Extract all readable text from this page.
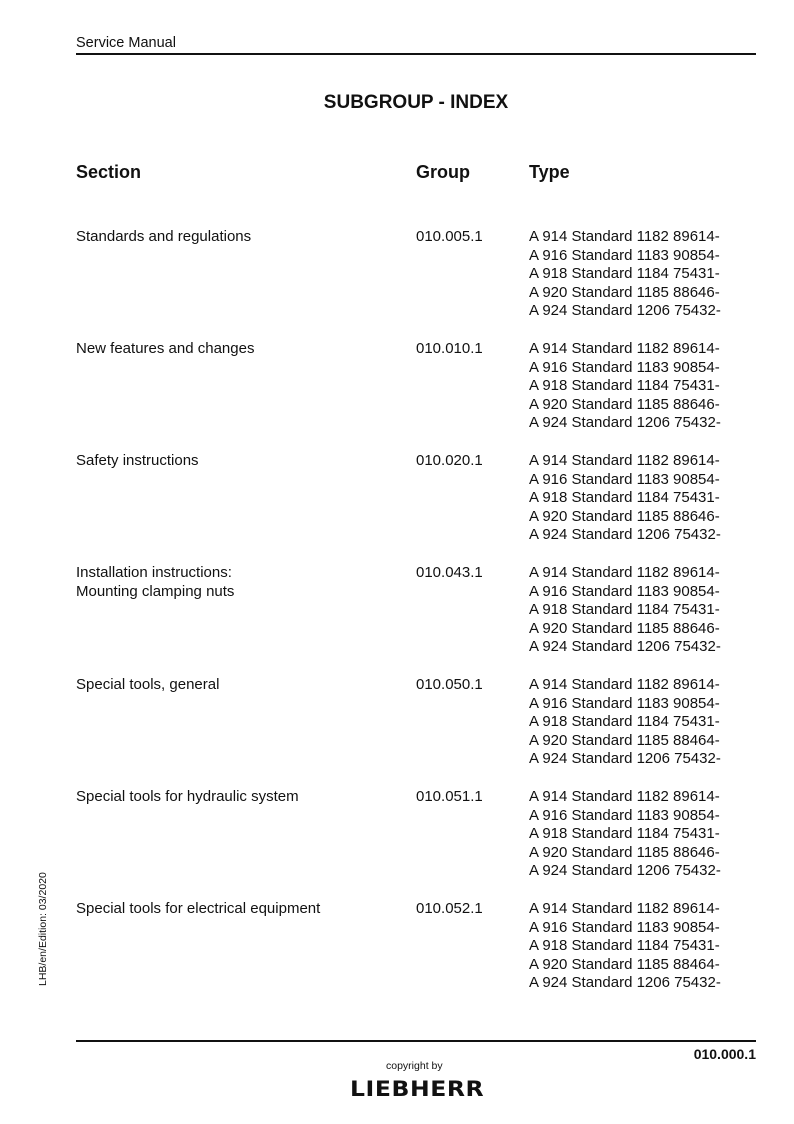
Service Manual
SUBGROUP - INDEX
Section	Group	Type
Standards and regulations	010.005.1	A 914 Standard 1182 89614-
A 916 Standard 1183 90854-
A 918 Standard 1184 75431-
A 920 Standard 1185 88646-
A 924 Standard 1206 75432-
New features and changes	010.010.1	A 914 Standard 1182 89614-
A 916 Standard 1183 90854-
A 918 Standard 1184 75431-
A 920 Standard 1185 88646-
A 924 Standard 1206 75432-
Safety instructions	010.020.1	A 914 Standard 1182 89614-
A 916 Standard 1183 90854-
A 918 Standard 1184 75431-
A 920 Standard 1185 88646-
A 924 Standard 1206 75432-
Installation instructions:
Mounting clamping nuts
010.043.1	A 914 Standard 1182 89614-
A 916 Standard 1183 90854-
A 918 Standard 1184 75431-
A 920 Standard 1185 88646-
A 924 Standard 1206 75432-
Special tools, general	010.050.1	A 914 Standard 1182 89614-
A 916 Standard 1183 90854-
A 918 Standard 1184 75431-
A 920 Standard 1185 88464-
A 924 Standard 1206 75432-
Special tools for hydraulic system	010.051.1	A 914 Standard 1182 89614-
A 916 Standard 1183 90854-
A 918 Standard 1184 75431-
A 920 Standard 1185 88646-
A 924 Standard 1206 75432-
Special tools for electrical equipment	010.052.1	A 914 Standard 1182 89614-
A 916 Standard 1183 90854-
A 918 Standard 1184 75431-
A 920 Standard 1185 88464-
A 924 Standard 1206 75432-
LHB/en/Edition: 03/2020
010.000.1
copyright by
LIEBHERR
